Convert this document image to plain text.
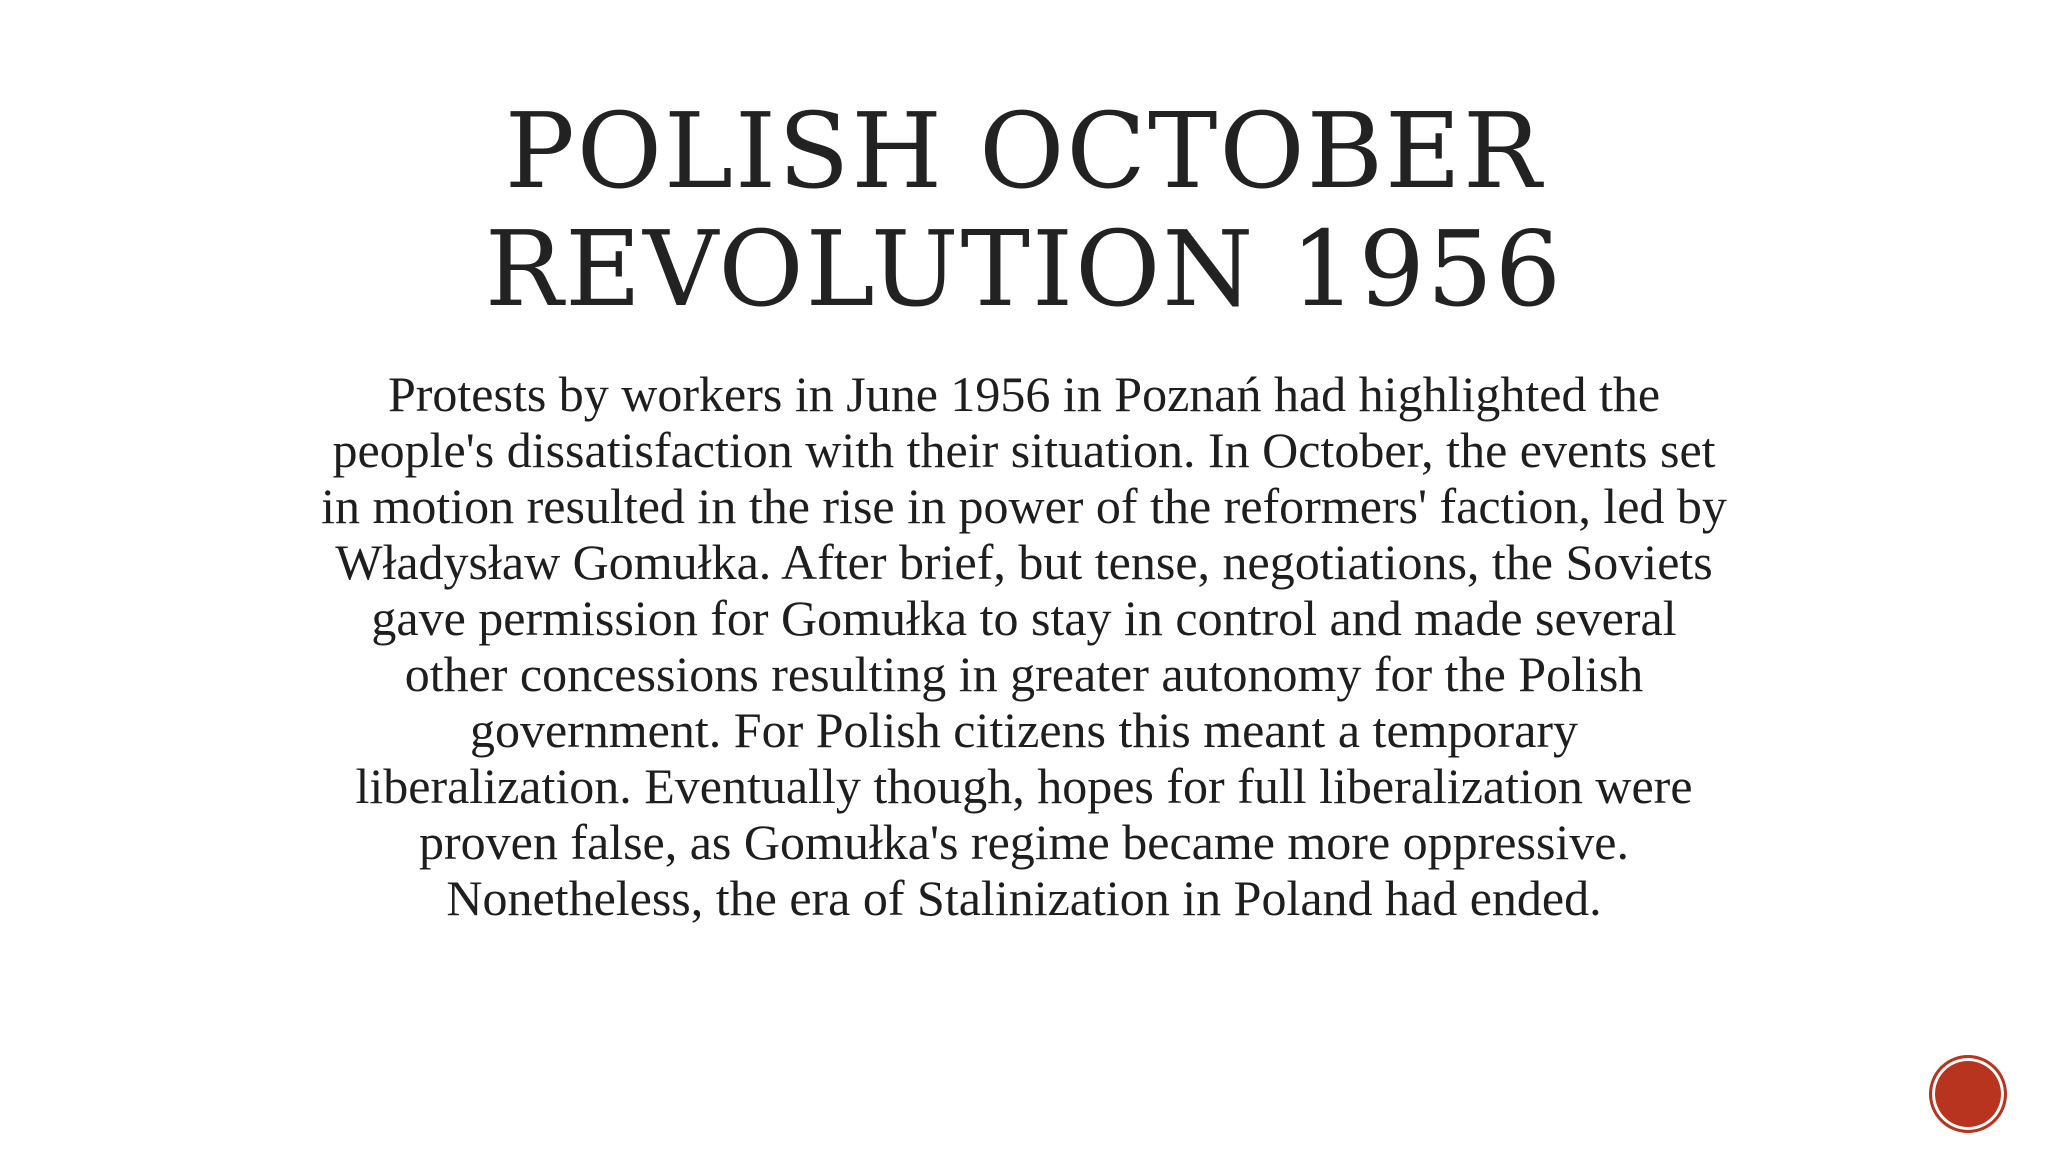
POLISH OCTOBER
REVOLUTION 1956

Protests by workers in June 1956 in Poznań had highlighted the
people's dissatisfaction with their situation. In October, the events set
in motion resulted in the rise in power of the reformers' faction, led by
Władysław Gomułka. After brief, but tense, negotiations, the Soviets
gave permission for Gomułka to stay in control and made several
other concessions resulting in greater autonomy for the Polish
government. For Polish citizens this meant a temporary
liberalization. Eventually though, hopes for full liberalization were
proven false, as Gomułka's regime became more oppressive.
Nonetheless, the era of Stalinization in Poland had ended.
